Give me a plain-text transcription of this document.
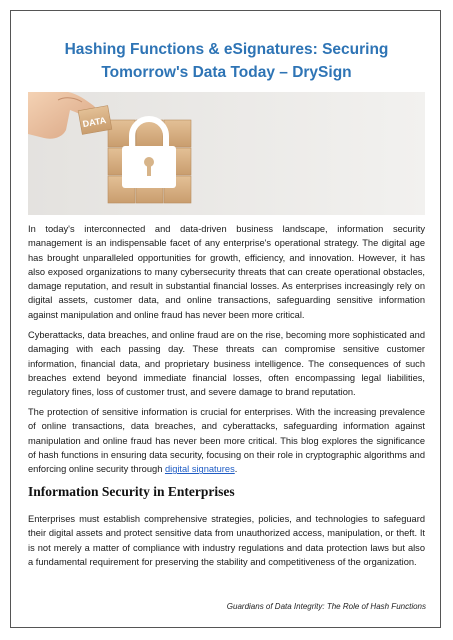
Hashing Functions & eSignatures: Securing Tomorrow's Data Today – DrySign
DATA

In today's interconnected and data-driven business landscape, information security management is an indispensable facet of any enterprise's operational strategy. The digital age has brought unparalleled opportunities for growth, efficiency, and innovation. However, it has also exposed organizations to many cybersecurity threats that can create operational obstacles, damage reputation, and result in substantial financial losses. As enterprises increasingly rely on digital assets, customer data, and online transactions, safeguarding sensitive information against manipulation and online fraud has never been more critical.

Cyberattacks, data breaches, and online fraud are on the rise, becoming more sophisticated and damaging with each passing day. These threats can compromise sensitive customer information, financial data, and proprietary business intelligence. The consequences of such breaches extend beyond immediate financial losses, often encompassing legal liabilities, regulatory fines, loss of customer trust, and severe damage to brand reputation.

The protection of sensitive information is crucial for enterprises. With the increasing prevalence of online transactions, data breaches, and cyberattacks, safeguarding information against manipulation and online fraud has never been more critical. This blog explores the significance of hash functions in ensuring data security, focusing on their role in cryptographic algorithms and enforcing online security through digital signatures.

Information Security in Enterprises

Enterprises must establish comprehensive strategies, policies, and technologies to safeguard their digital assets and protect sensitive data from unauthorized access, manipulation, or theft. It is not merely a matter of compliance with industry regulations and data protection laws but also a fundamental requirement for preserving the stability and competitiveness of the organization.

Guardians of Data Integrity: The Role of Hash Functions
